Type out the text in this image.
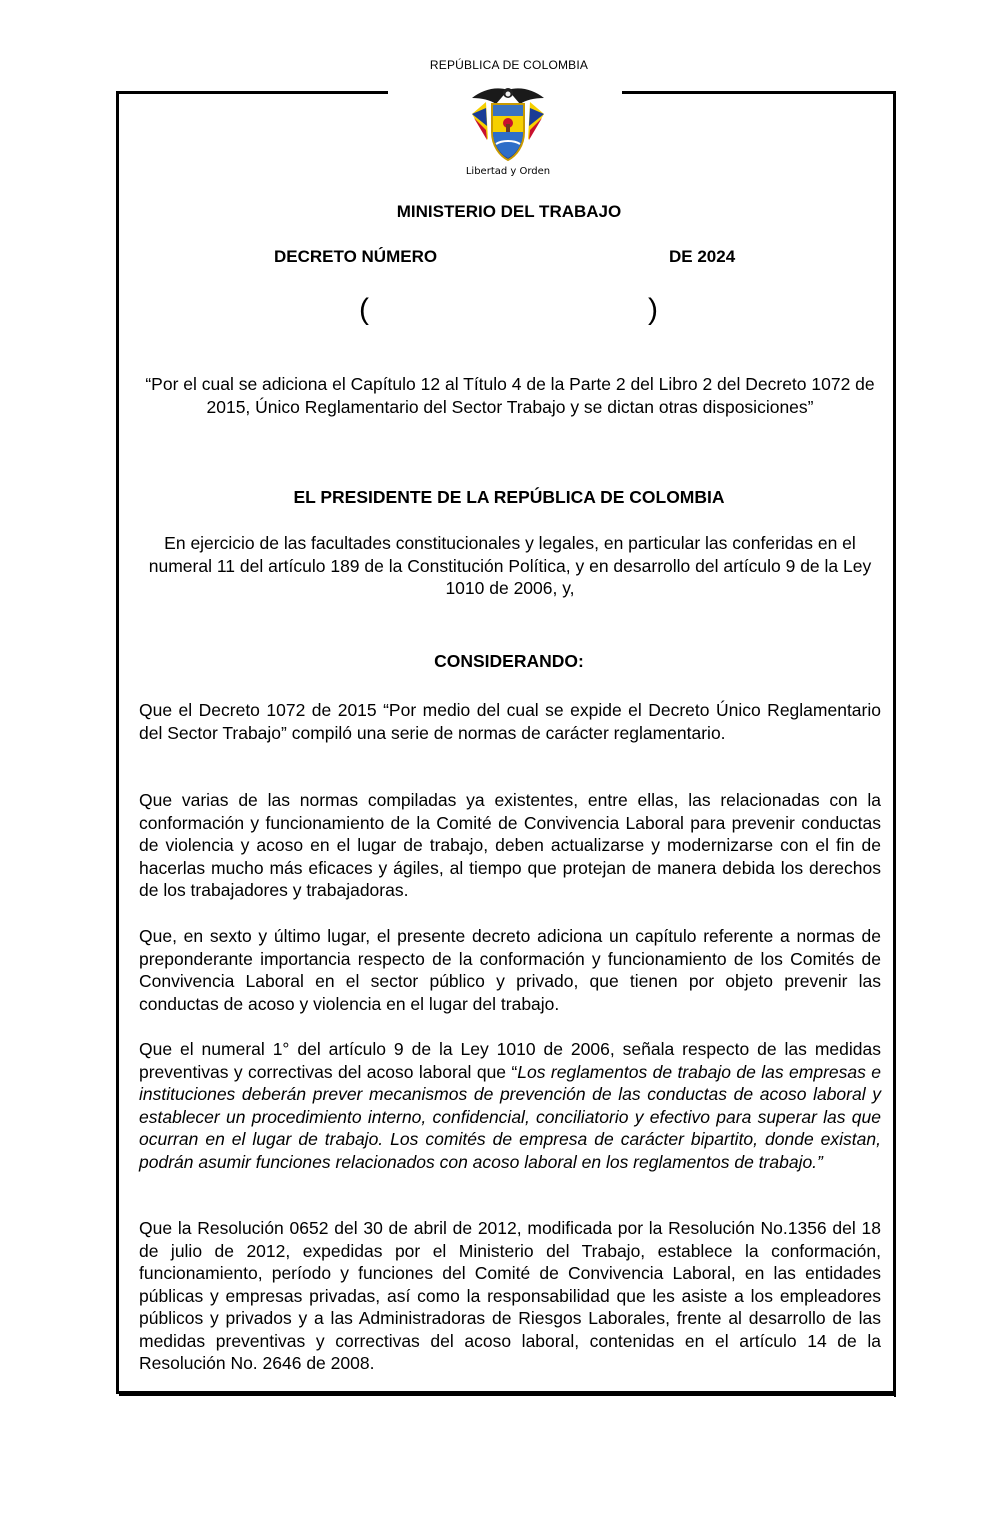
REPÚBLICA DE COLOMBIA
Libertad y Orden
MINISTERIO DEL TRABAJO
DECRETO NÚMERO	DE 2024
(	)
“Por el cual se adiciona el Capítulo 12 al Título 4 de la Parte 2 del Libro 2 del Decreto 1072 de 2015, Único Reglamentario del Sector Trabajo y se dictan otras disposiciones”
EL PRESIDENTE DE LA REPÚBLICA DE COLOMBIA
En ejercicio de las facultades constitucionales y legales, en particular las conferidas en el numeral 11 del artículo 189 de la Constitución Política, y en desarrollo del artículo 9 de la Ley 1010 de 2006, y,
CONSIDERANDO:

Que el Decreto 1072 de 2015 “Por medio del cual se expide el Decreto Único Reglamentario del Sector Trabajo” compiló una serie de normas de carácter reglamentario.

Que varias de las normas compiladas ya existentes, entre ellas, las relacionadas con la conformación y funcionamiento de la Comité de Convivencia Laboral para prevenir conductas de violencia y acoso en el lugar de trabajo, deben actualizarse y modernizarse con el fin de hacerlas mucho más eficaces y ágiles, al tiempo que protejan de manera debida los derechos de los trabajadores y trabajadoras.

Que, en sexto y último lugar, el presente decreto adiciona un capítulo referente a normas de preponderante importancia respecto de la conformación y funcionamiento de los Comités de Convivencia Laboral en el sector público y privado, que tienen por objeto prevenir las conductas de acoso y violencia en el lugar del trabajo.

Que el numeral 1° del artículo 9 de la Ley 1010 de 2006, señala respecto de las medidas preventivas y correctivas del acoso laboral que “Los reglamentos de trabajo de las empresas e instituciones deberán prever mecanismos de prevención de las conductas de acoso laboral y establecer un procedimiento interno, confidencial, conciliatorio y efectivo para superar las que ocurran en el lugar de trabajo. Los comités de empresa de carácter bipartito, donde existan, podrán asumir funciones relacionados con acoso laboral en los reglamentos de trabajo.”

Que la Resolución 0652 del 30 de abril de 2012, modificada por la Resolución No.1356 del 18 de julio de 2012, expedidas por el Ministerio del Trabajo, establece la conformación, funcionamiento, período y funciones del Comité de Convivencia Laboral, en las entidades públicas y empresas privadas, así como la responsabilidad que les asiste a los empleadores públicos y privados y a las Administradoras de Riesgos Laborales, frente al desarrollo de las medidas preventivas y correctivas del acoso laboral, contenidas en el artículo 14 de la Resolución No. 2646 de 2008.
